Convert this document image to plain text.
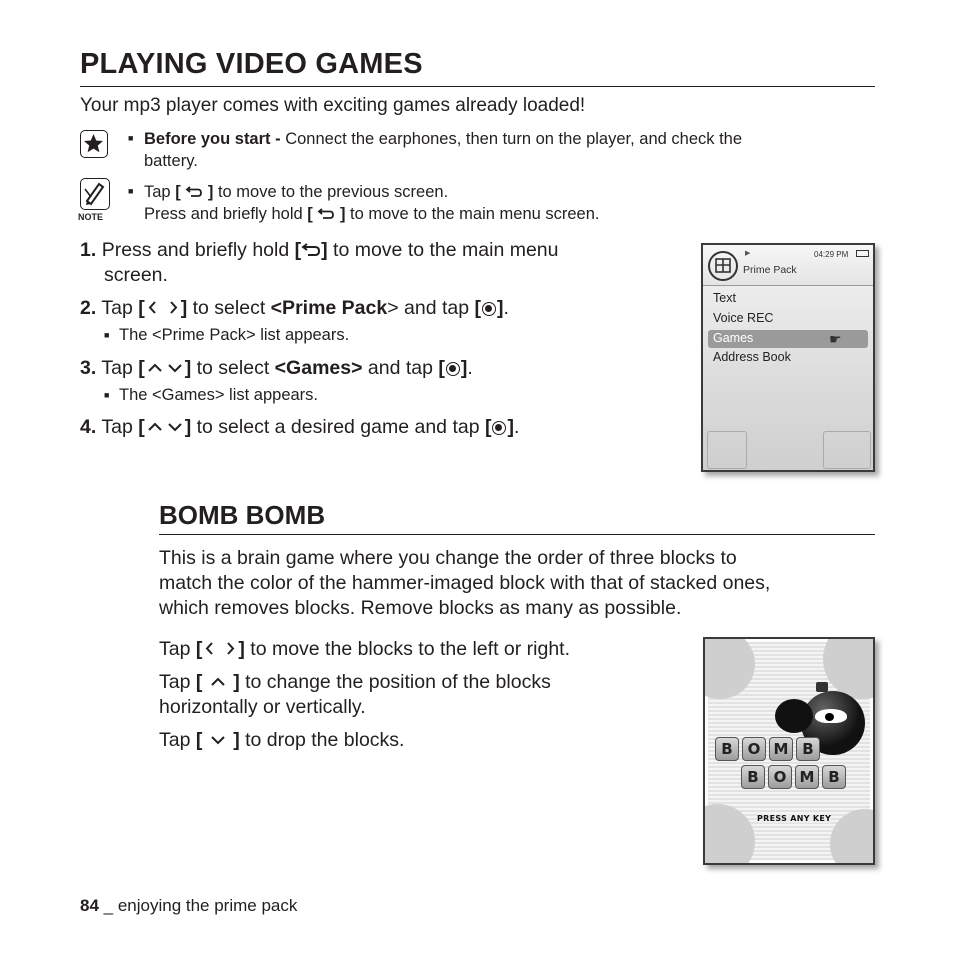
PLAYING VIDEO GAMES
Your mp3 player comes with exciting games already loaded!
■ Before you start - Connect the earphones, then turn on the player, and check the
battery.
NOTE
■ Tap [  ] to move to the previous screen.
Press and briefly hold [  ] to move to the main menu screen.
1. Press and briefly hold [ ] to move to the main menu
screen.
2. Tap [ ] to select <Prime Pack> and tap [ ].
■ The <Prime Pack> list appears.
3. Tap [ ] to select <Games> and tap [ ].
■ The <Games> list appears.
4. Tap [ ] to select a desired game and tap [ ].
▶	04:29 PM
Prime Pack
Text
Voice REC
Games	☛
Address Book
BOMB BOMB
This is a brain game where you change the order of three blocks to
match the color of the hammer-imaged block with that of stacked ones,
which removes blocks. Remove blocks as many as possible.
Tap [ ] to move the blocks to the left or right.
Tap [  ] to change the position of the blocks
horizontally or vertically.
Tap [  ] to drop the blocks.	B O M B
B O M B
PRESS ANY KEY
84 _ enjoying the prime pack
